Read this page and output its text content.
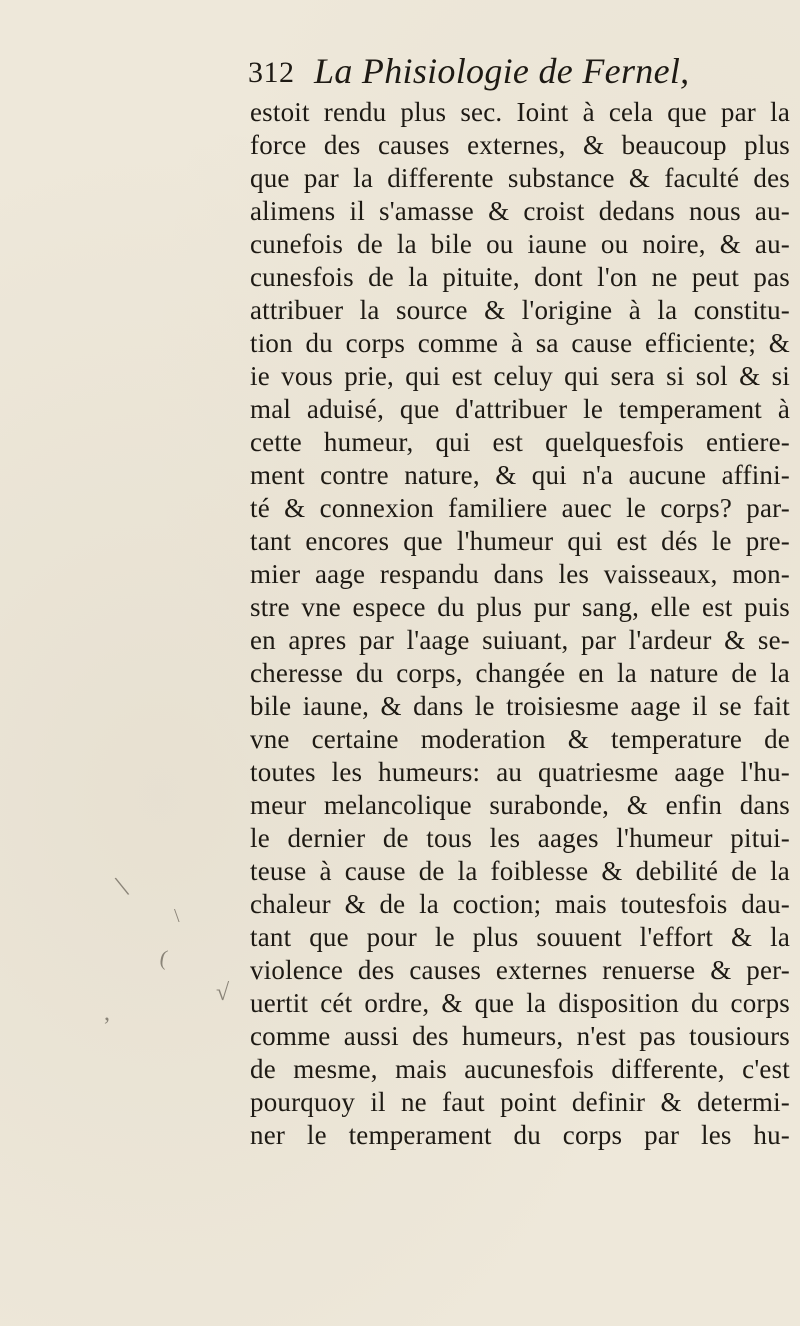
312 La Phisiologie de Fernel,
estoit rendu plus sec. Ioint à cela que par la
force des causes externes, & beaucoup plus
que par la differente substance & faculté des
alimens il s'amasse & croist dedans nous au-
cunefois de la bile ou iaune ou noire, & au-
cunesfois de la pituite, dont l'on ne peut pas
attribuer la source & l'origine à la constitu-
tion du corps comme à sa cause efficiente; &
ie vous prie, qui est celuy qui sera si sol & si
mal aduisé, que d'attribuer le temperament à
cette humeur, qui est quelquesfois entiere-
ment contre nature, & qui n'a aucune affini-
té & connexion familiere auec le corps? par-
tant encores que l'humeur qui est dés le pre-
mier aage respandu dans les vaisseaux, mon-
stre vne espece du plus pur sang, elle est puis
en apres par l'aage suiuant, par l'ardeur & se-
cheresse du corps, changée en la nature de la
bile iaune, & dans le troisiesme aage il se fait
vne certaine moderation & temperature de
toutes les humeurs: au quatriesme aage l'hu-
meur melancolique surabonde, & enfin dans
le dernier de tous les aages l'humeur pitui-
teuse à cause de la foiblesse & debilité de la
chaleur & de la coction; mais toutesfois dau-
tant que pour le plus souuent l'effort & la
violence des causes externes renuerse & per-
uertit cét ordre, & que la disposition du corps
comme aussi des humeurs, n'est pas tousiours
de mesme, mais aucunesfois differente, c'est
pourquoy il ne faut point definir & determi-
ner le temperament du corps par les hu-
\
(
,
\
√
